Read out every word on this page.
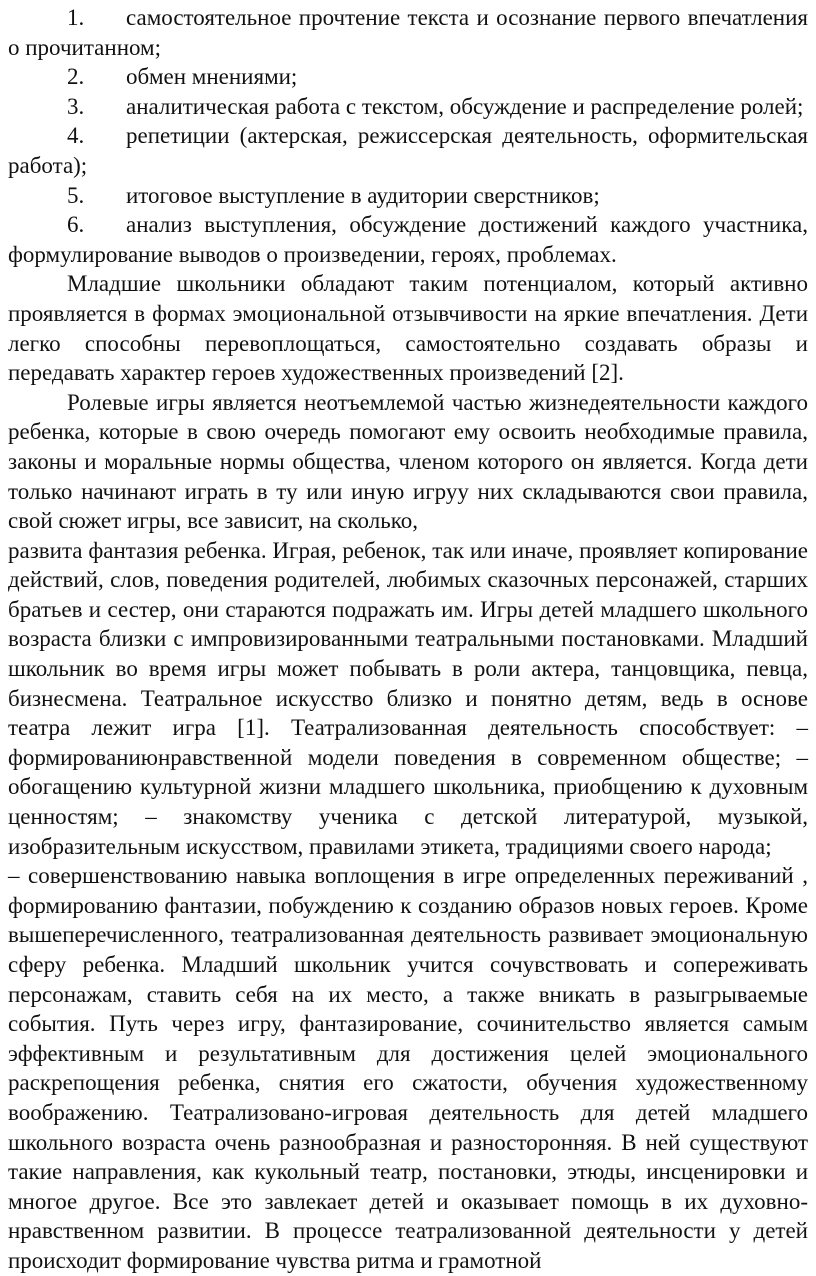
1. самостоятельное прочтение текста и осознание первого впечатления о прочитанном;

2. обмен мнениями;

3. аналитическая работа с текстом, обсуждение и распределение ролей;

4. репетиции (актерская, режиссерская деятельность, оформительская работа);

5. итоговое выступление в аудитории сверстников;

6. анализ выступления, обсуждение достижений каждого участника, формулирование выводов о произведении, героях, проблемах.

Младшие школьники обладают таким потенциалом, который активно проявляется в формах эмоциональной отзывчивости на яркие впечатления. Дети легко способны перевоплощаться, самостоятельно создавать образы и передавать характер героев художественных произведений [2].

Ролевые игры является неотъемлемой частью жизнедеятельности каждого ребенка, которые в свою очередь помогают ему освоить необходимые правила, законы и моральные нормы общества, членом которого он является. Когда дети только начинают играть в ту или иную игруу них складываются свои правила, свой сюжет игры, все зависит, на сколько,

развита фантазия ребенка. Играя, ребенок, так или иначе, проявляет копирование действий, слов, поведения родителей, любимых сказочных персонажей, старших братьев и сестер, они стараются подражать им. Игры детей младшего школьного возраста близки с импровизированными театральными постановками. Младший школьник во время игры может побывать в роли актера, танцовщика, певца, бизнесмена. Театральное искусство близко и понятно детям, ведь в основе театра лежит игра [1]. Театрализованная деятельность способствует: – формированиюнравственной модели поведения в современном обществе; – обогащению культурной жизни младшего школьника, приобщению к духовным ценностям; – знакомству ученика с детской литературой, музыкой, изобразительным искусством, правилами этикета, традициями своего народа;

– совершенствованию навыка воплощения в игре определенных переживаний , формированию фантазии, побуждению к созданию образов новых героев. Кроме вышеперечисленного, театрализованная деятельность развивает эмоциональную сферу ребенка. Младший школьник учится сочувствовать и сопереживать персонажам, ставить себя на их место, а также вникать в разыгрываемые события. Путь через игру, фантазирование, сочинительство является самым эффективным и результативным для достижения целей эмоционального раскрепощения ребенка, снятия его сжатости, обучения художественному воображению. Театрализовано-игровая деятельность для детей младшего школьного возраста очень разнообразная и разносторонняя. В ней существуют такие направления, как кукольный театр, постановки, этюды, инсценировки и многое другое. Все это завлекает детей и оказывает помощь в их духовно-нравственном развитии. В процессе театрализованной деятельности у детей происходит формирование чувства ритма и грамотной
